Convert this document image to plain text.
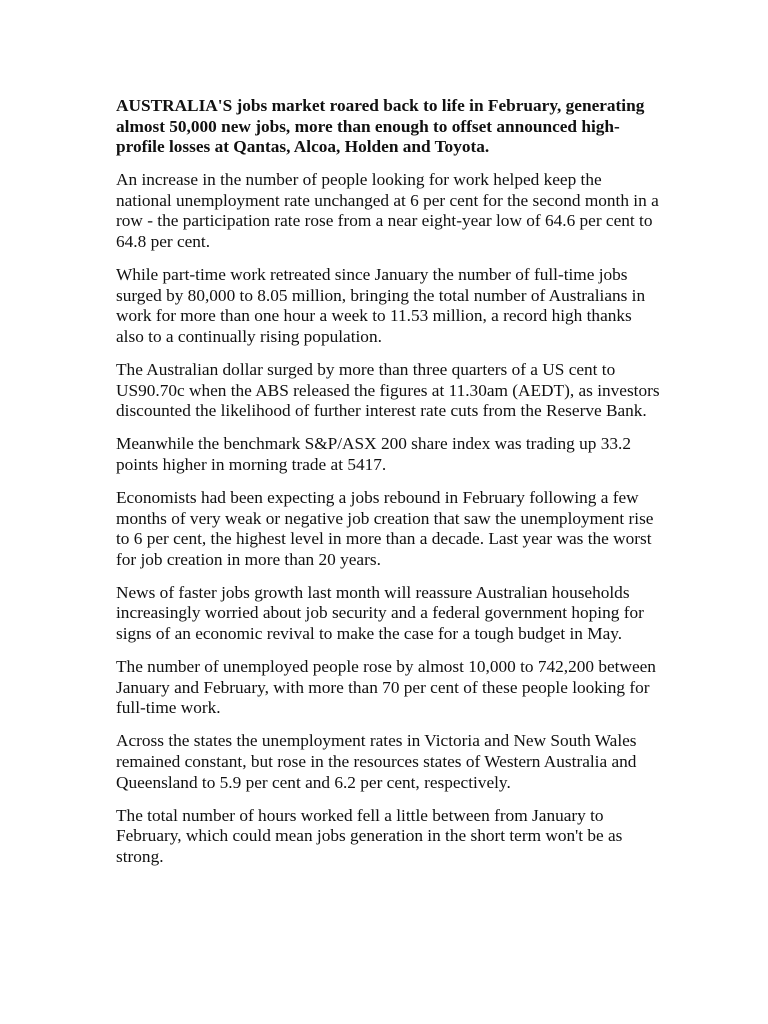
AUSTRALIA'S jobs market roared back to life in February, generating almost 50,000 new jobs, more than enough to offset announced high-profile losses at Qantas, Alcoa, Holden and Toyota.

An increase in the number of people looking for work helped keep the national unemployment rate unchanged at 6 per cent for the second month in a row - the participation rate rose from a near eight-year low of 64.6 per cent to 64.8 per cent.

While part-time work retreated since January the number of full-time jobs surged by 80,000 to 8.05 million, bringing the total number of Australians in work for more than one hour a week to 11.53 million, a record high thanks also to a continually rising population.

The Australian dollar surged by more than three quarters of a US cent to US90.70c when the ABS released the figures at 11.30am (AEDT), as investors discounted the likelihood of further interest rate cuts from the Reserve Bank.

Meanwhile the benchmark S&P/ASX 200 share index was trading up 33.2 points higher in morning trade at 5417.

Economists had been expecting a jobs rebound in February following a few months of very weak or negative job creation that saw the unemployment rise to 6 per cent, the highest level in more than a decade. Last year was the worst for job creation in more than 20 years.

News of faster jobs growth last month will reassure Australian households increasingly worried about job security and a federal government hoping for signs of an economic revival to make the case for a tough budget in May.

The number of unemployed people rose by almost 10,000 to 742,200 between January and February, with more than 70 per cent of these people looking for full-time work.

Across the states the unemployment rates in Victoria and New South Wales remained constant, but rose in the resources states of Western Australia and Queensland to 5.9 per cent and 6.2 per cent, respectively.

The total number of hours worked fell a little between from January to February, which could mean jobs generation in the short term won't be as strong.
